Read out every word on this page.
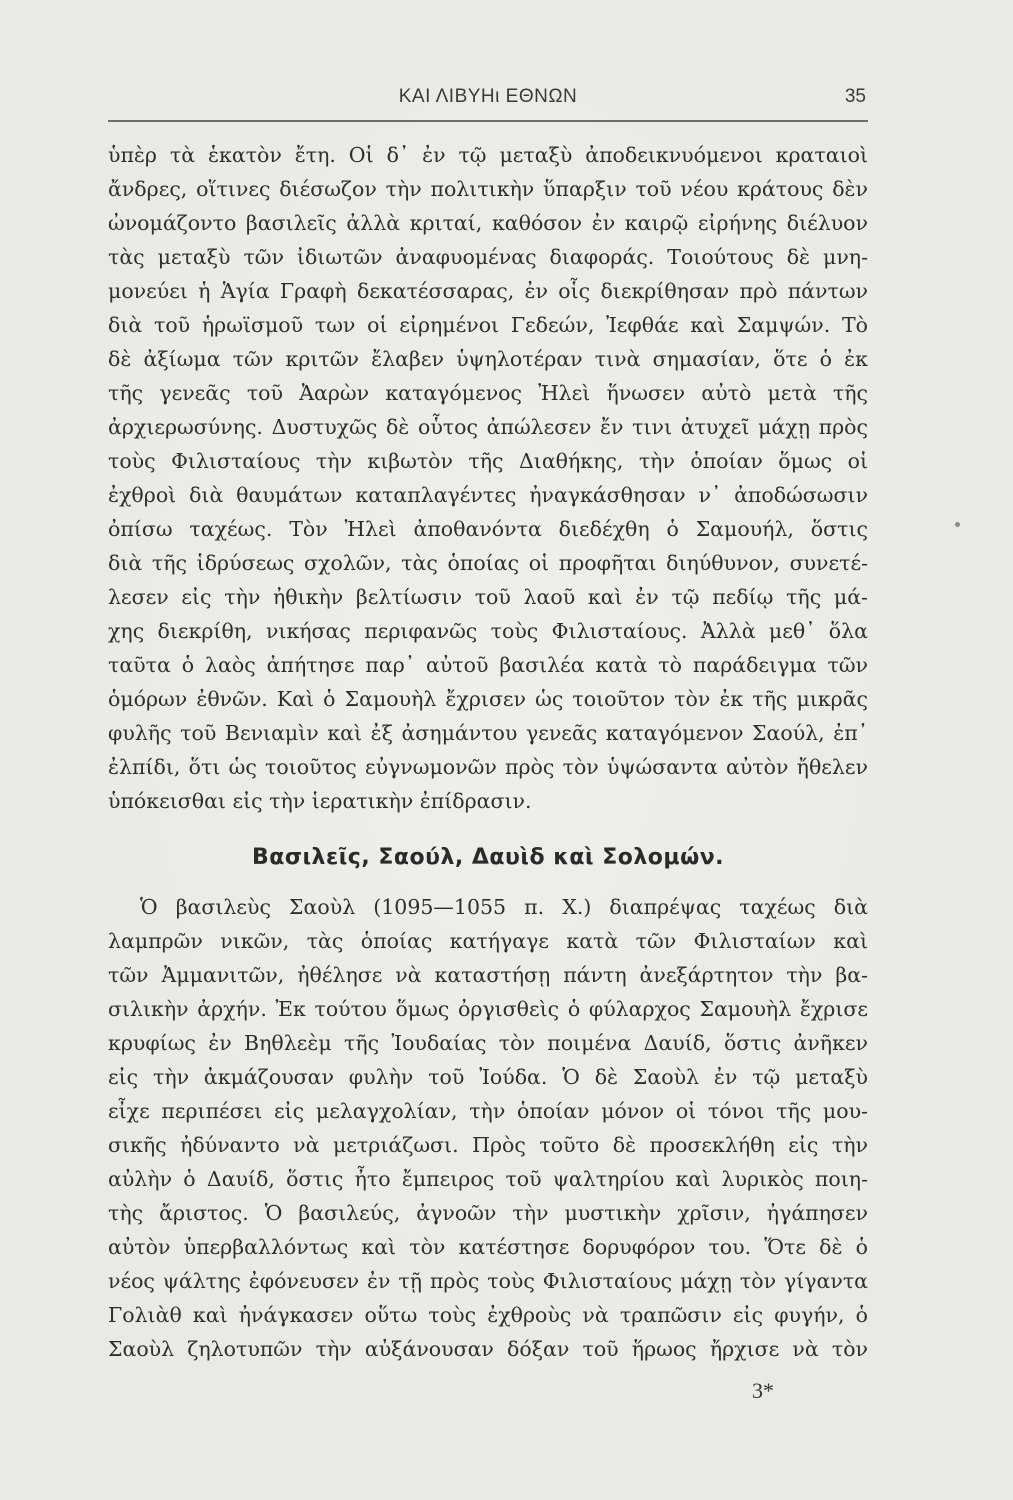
ΚΑΙ ΛΙΒΥΗι ΕΘΝΩΝ	35
ὑπὲρ τὰ ἑκατὸν ἔτη. Οἱ δ᾽ ἐν τῷ μεταξὺ ἀποδεικνυόμενοι κραταιοὶ
ἄνδρες, οἵτινες διέσωζον τὴν πολιτικὴν ὕπαρξιν τοῦ νέου κράτους δὲν
ὠνομάζοντο βασιλεῖς ἀλλὰ κριταί, καθόσον ἐν καιρῷ εἰρήνης διέλυον
τὰς μεταξὺ τῶν ἰδιωτῶν ἀναφυομένας διαφοράς. Τοιούτους δὲ μνη-
μονεύει ἡ Ἁγία Γραφὴ δεκατέσσαρας, ἐν οἷς διεκρίθησαν πρὸ πάντων
διὰ τοῦ ἡρωϊσμοῦ των οἱ εἰρημένοι Γεδεών, Ἰεφθάε καὶ Σαμψών. Τὸ
δὲ ἀξίωμα τῶν κριτῶν ἔλαβεν ὑψηλοτέραν τινὰ σημασίαν, ὅτε ὁ ἐκ
τῆς γενεᾶς τοῦ Ἀαρὼν καταγόμενος Ἠλεὶ ἥνωσεν αὐτὸ μετὰ τῆς
ἀρχιερωσύνης. Δυστυχῶς δὲ οὗτος ἀπώλεσεν ἔν τινι ἀτυχεῖ μάχῃ πρὸς
τοὺς Φιλισταίους τὴν κιβωτὸν τῆς Διαθήκης, τὴν ὁποίαν ὅμως οἱ
ἐχθροὶ διὰ θαυμάτων καταπλαγέντες ἠναγκάσθησαν ν᾽ ἀποδώσωσιν
ὀπίσω ταχέως. Τὸν Ἠλεὶ ἀποθανόντα διεδέχθη ὁ Σαμουήλ, ὅστις
διὰ τῆς ἱδρύσεως σχολῶν, τὰς ὁποίας οἱ προφῆται διηύθυνον, συνετέ-
λεσεν εἰς τὴν ἠθικὴν βελτίωσιν τοῦ λαοῦ καὶ ἐν τῷ πεδίῳ τῆς μά-
χης διεκρίθη, νικήσας περιφανῶς τοὺς Φιλισταίους. Ἀλλὰ μεθ᾽ ὅλα
ταῦτα ὁ λαὸς ἀπήτησε παρ᾽ αὐτοῦ βασιλέα κατὰ τὸ παράδειγμα τῶν
ὁμόρων ἐθνῶν. Καὶ ὁ Σαμουὴλ ἔχρισεν ὡς τοιοῦτον τὸν ἐκ τῆς μικρᾶς
φυλῆς τοῦ Βενιαμὶν καὶ ἐξ ἀσημάντου γενεᾶς καταγόμενον Σαούλ, ἐπ᾽
ἐλπίδι, ὅτι ὡς τοιοῦτος εὐγνωμονῶν πρὸς τὸν ὑψώσαντα αὐτὸν ἤθελεν
ὑπόκεισθαι εἰς τὴν ἱερατικὴν ἐπίδρασιν.
Βασιλεῖς, Σαούλ, Δαυὶδ καὶ Σολομών.
Ὁ βασιλεὺς Σαοὺλ (1095—1055 π. Χ.) διαπρέψας ταχέως διὰ
λαμπρῶν νικῶν, τὰς ὁποίας κατήγαγε κατὰ τῶν Φιλισταίων καὶ
τῶν Ἀμμανιτῶν, ἠθέλησε νὰ καταστήσῃ πάντη ἀνεξάρτητον τὴν βα-
σιλικὴν ἀρχήν. Ἐκ τούτου ὅμως ὀργισθεὶς ὁ φύλαρχος Σαμουὴλ ἔχρισε
κρυφίως ἐν Βηθλεὲμ τῆς Ἰουδαίας τὸν ποιμένα Δαυίδ, ὅστις ἀνῆκεν
εἰς τὴν ἀκμάζουσαν φυλὴν τοῦ Ἰούδα. Ὁ δὲ Σαοὺλ ἐν τῷ μεταξὺ
εἶχε περιπέσει εἰς μελαγχολίαν, τὴν ὁποίαν μόνον οἱ τόνοι τῆς μου-
σικῆς ἠδύναντο νὰ μετριάζωσι. Πρὸς τοῦτο δὲ προσεκλήθη εἰς τὴν
αὐλὴν ὁ Δαυίδ, ὅστις ἦτο ἔμπειρος τοῦ ψαλτηρίου καὶ λυρικὸς ποιη-
τὴς ἄριστος. Ὁ βασιλεύς, ἀγνοῶν τὴν μυστικὴν χρῖσιν, ἠγάπησεν
αὐτὸν ὑπερβαλλόντως καὶ τὸν κατέστησε δορυφόρον του. Ὅτε δὲ ὁ
νέος ψάλτης ἐφόνευσεν ἐν τῇ πρὸς τοὺς Φιλισταίους μάχῃ τὸν γίγαντα
Γολιὰθ καὶ ἠνάγκασεν οὕτω τοὺς ἐχθροὺς νὰ τραπῶσιν εἰς φυγήν, ὁ
Σαοὺλ ζηλοτυπῶν τὴν αὐξάνουσαν δόξαν τοῦ ἥρωος ἤρχισε νὰ τὸν
3*
